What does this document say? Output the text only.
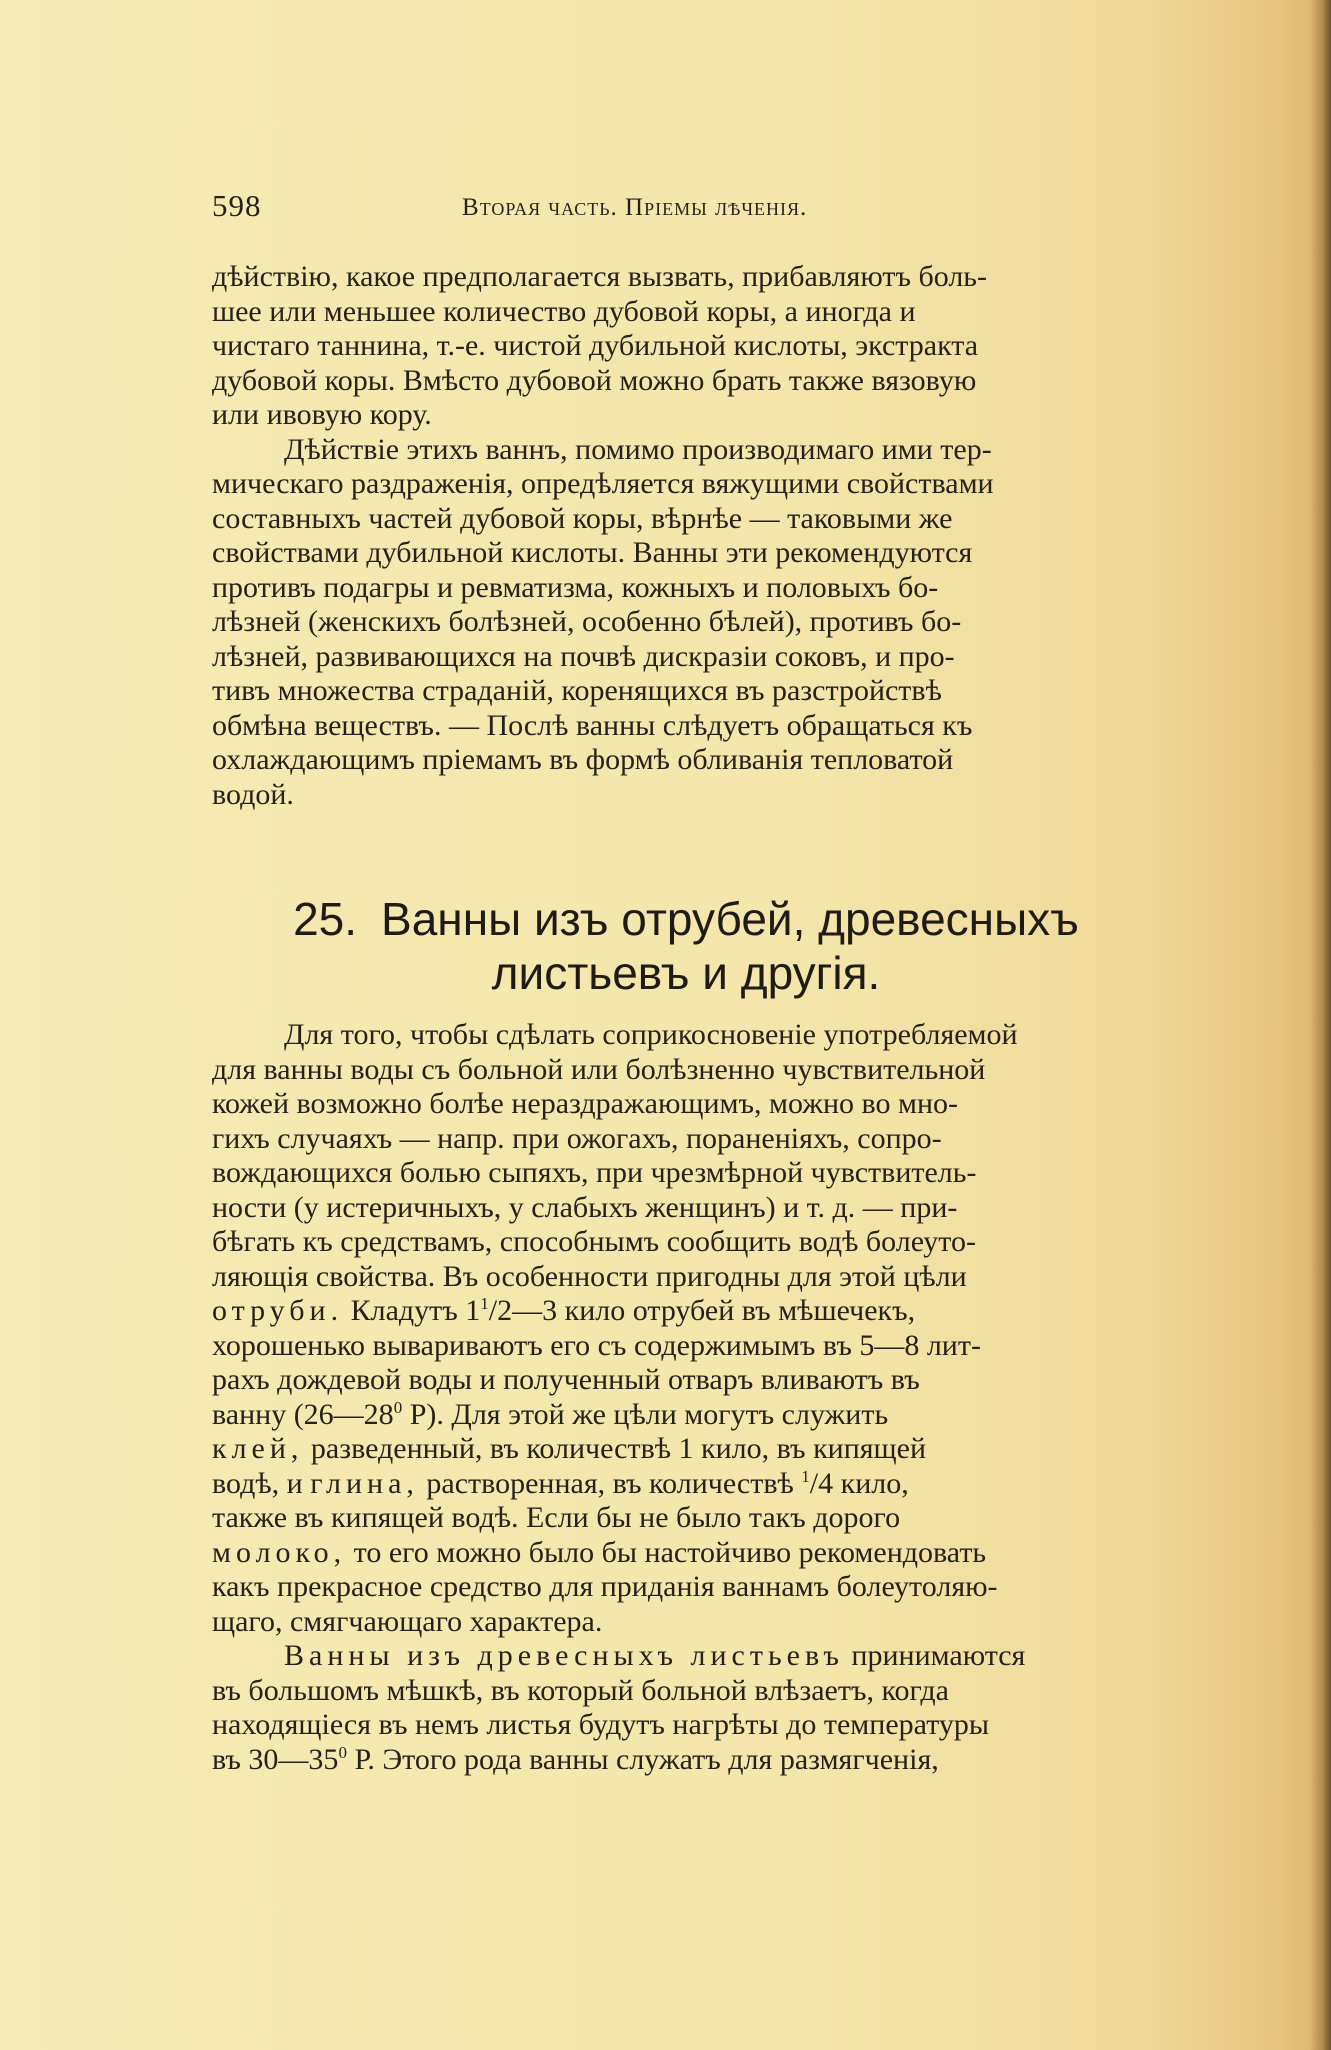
598	Вторая часть. Пріемы лѣченія.
дѣйствію, какое предполагается вызвать, прибавляютъ боль-
шее или меньшее количество дубовой коры, а иногда и
чистаго таннина, т.-е. чистой дубильной кислоты, экстракта
дубовой коры. Вмѣсто дубовой можно брать также вязовую
или ивовую кору.
Дѣйствіе этихъ ваннъ, помимо производимаго ими тер-
мическаго раздраженія, опредѣляется вяжущими свойствами
составныхъ частей дубовой коры, вѣрнѣе — таковыми же
свойствами дубильной кислоты. Ванны эти рекомендуются
противъ подагры и ревматизма, кожныхъ и половыхъ бо-
лѣзней (женскихъ болѣзней, особенно бѣлей), противъ бо-
лѣзней, развивающихся на почвѣ дискразіи соковъ, и про-
тивъ множества страданій, коренящихся въ разстройствѣ
обмѣна веществъ. — Послѣ ванны слѣдуетъ обращаться къ
охлаждающимъ пріемамъ въ формѣ обливанія тепловатой
водой.
25. Ванны изъ отрубей, древесныхъ
листьевъ и другія.
Для того, чтобы сдѣлать соприкосновеніе употребляемой
для ванны воды съ больной или болѣзненно чувствительной
кожей возможно болѣе нераздражающимъ, можно во мно-
гихъ случаяхъ — напр. при ожогахъ, пораненіяхъ, сопро-
вождающихся болью сыпяхъ, при чрезмѣрной чувствитель-
ности (у истеричныхъ, у слабыхъ женщинъ) и т. д. — при-
бѣгать къ средствамъ, способнымъ сообщить водѣ болеуто-
ляющія свойства. Въ особенности пригодны для этой цѣли
отруби. Кладутъ $1^1/2—3$ кило отрубей въ мѣшечекъ,
хорошенько вывариваютъ его съ содержимымъ въ 5—8 лит-
рахъ дождевой воды и полученный отваръ вливаютъ въ
ванну ($26—28^0$ Р). Для этой же цѣли могутъ служить
клей, разведенный, въ количествѣ 1 кило, въ кипящей
водѣ, и глина, растворенная, въ количествѣ $^1$/4 кило,
также въ кипящей водѣ. Если бы не было такъ дорого
молоко, то его можно было бы настойчиво рекомендовать
какъ прекрасное средство для приданія ваннамъ болеутоляю-
щаго, смягчающаго характера.
Ванны изъ древесныхъ листьевъ принимаются
въ большомъ мѣшкѣ, въ который больной влѣзаетъ, когда
находящіеся въ немъ листья будутъ нагрѣты до температуры
въ $30—35^0$ Р. Этого рода ванны служатъ для размягченія,
